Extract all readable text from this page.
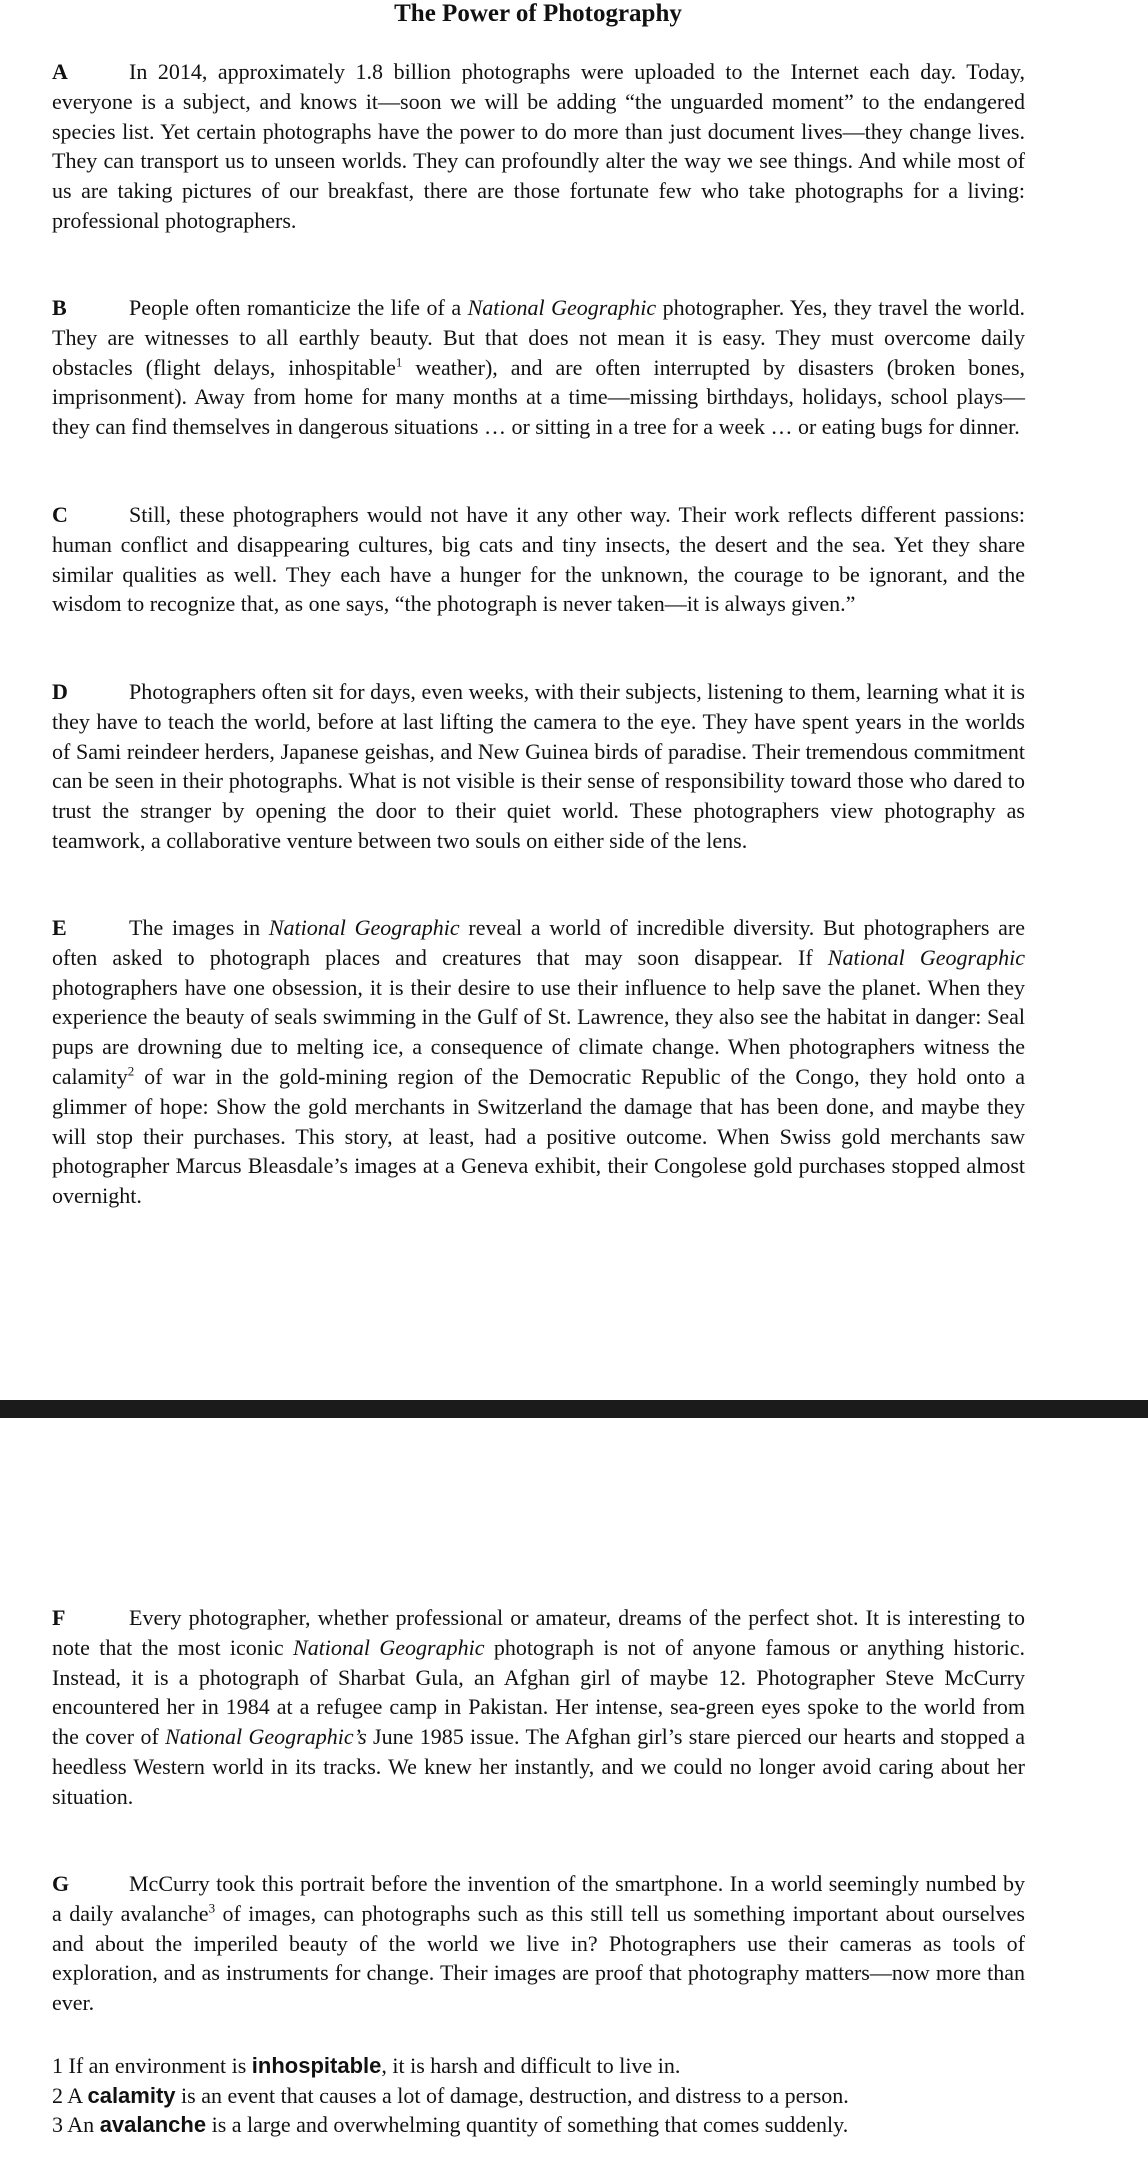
The Power of Photography

A	In 2014, approximately 1.8 billion photographs were uploaded to the Internet each day. Today, everyone is a subject, and knows it—soon we will be adding “the unguarded moment” to the endangered species list. Yet certain photographs have the power to do more than just document lives—they change lives. They can transport us to unseen worlds. They can profoundly alter the way we see things. And while most of us are taking pictures of our breakfast, there are those fortunate few who take photographs for a living: professional photographers.

B	People often romanticize the life of a National Geographic photographer. Yes, they travel the world. They are witnesses to all earthly beauty. But that does not mean it is easy. They must overcome daily obstacles (flight delays, inhospitable$^1$ weather), and are often interrupted by disasters (broken bones, imprisonment). Away from home for many months at a time—missing birthdays, holidays, school plays—they can find themselves in dangerous situations … or sitting in a tree for a week … or eating bugs for dinner.

C	Still, these photographers would not have it any other way. Their work reflects different passions: human conflict and disappearing cultures, big cats and tiny insects, the desert and the sea. Yet they share similar qualities as well. They each have a hunger for the unknown, the courage to be ignorant, and the wisdom to recognize that, as one says, “the photograph is never taken—it is always given.”

D	Photographers often sit for days, even weeks, with their subjects, listening to them, learning what it is they have to teach the world, before at last lifting the camera to the eye. They have spent years in the worlds of Sami reindeer herders, Japanese geishas, and New Guinea birds of paradise. Their tremendous commitment can be seen in their photographs. What is not visible is their sense of responsibility toward those who dared to trust the stranger by opening the door to their quiet world. These photographers view photography as teamwork, a collaborative venture between two souls on either side of the lens.

E	The images in National Geographic reveal a world of incredible diversity. But photographers are often asked to photograph places and creatures that may soon disappear. If National Geographic photographers have one obsession, it is their desire to use their influence to help save the planet. When they experience the beauty of seals swimming in the Gulf of St. Lawrence, they also see the habitat in danger: Seal pups are drowning due to melting ice, a consequence of climate change. When photographers witness the calamity$^2$ of war in the gold-mining region of the Democratic Republic of the Congo, they hold onto a glimmer of hope: Show the gold merchants in Switzerland the damage that has been done, and maybe they will stop their purchases. This story, at least, had a positive outcome. When Swiss gold merchants saw photographer Marcus Bleasdale’s images at a Geneva exhibit, their Congolese gold purchases stopped almost overnight.

F	Every photographer, whether professional or amateur, dreams of the perfect shot. It is interesting to note that the most iconic National Geographic photograph is not of anyone famous or anything historic. Instead, it is a photograph of Sharbat Gula, an Afghan girl of maybe 12. Photographer Steve McCurry encountered her in 1984 at a refugee camp in Pakistan. Her intense, sea-green eyes spoke to the world from the cover of National Geographic’s June 1985 issue. The Afghan girl’s stare pierced our hearts and stopped a heedless Western world in its tracks. We knew her instantly, and we could no longer avoid caring about her situation.

G	McCurry took this portrait before the invention of the smartphone. In a world seemingly numbed by a daily avalanche$^3$ of images, can photographs such as this still tell us something important about ourselves and about the imperiled beauty of the world we live in? Photographers use their cameras as tools of exploration, and as instruments for change. Their images are proof that photography matters—now more than ever.

1 If an environment is inhospitable, it is harsh and difficult to live in.

2 A calamity is an event that causes a lot of damage, destruction, and distress to a person.

3 An avalanche is a large and overwhelming quantity of something that comes suddenly.
